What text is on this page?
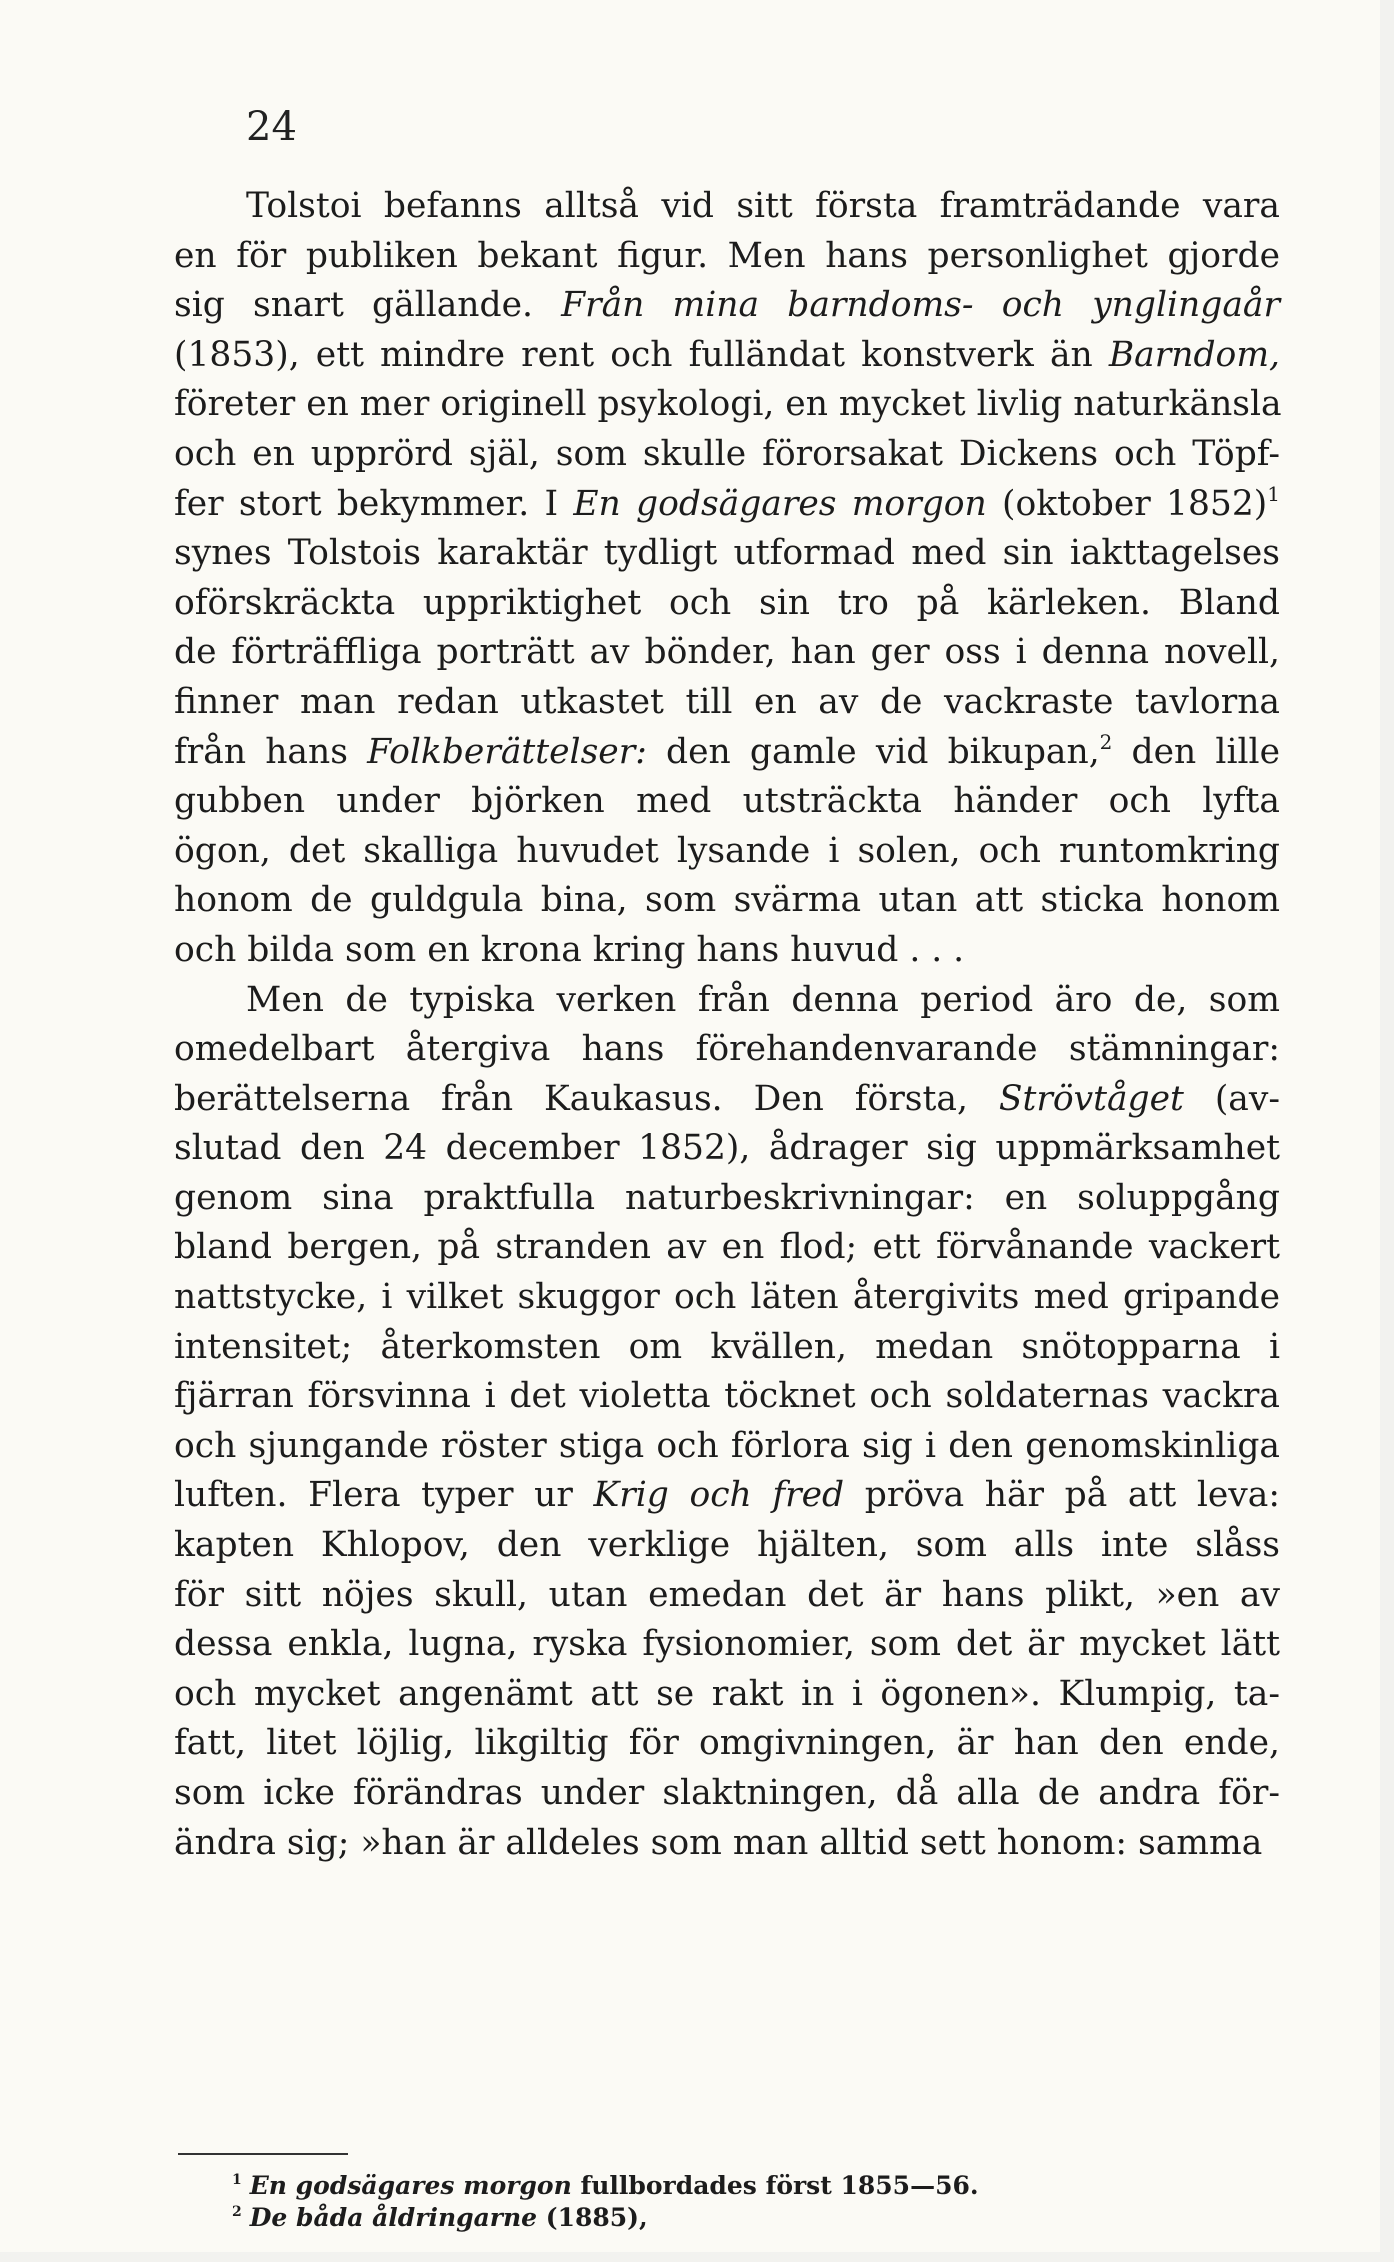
24
Tolstoi befanns alltså vid sitt första framträdande vara
en för publiken bekant figur. Men hans personlighet gjorde
sig snart gällande. Från mina barndoms- och ynglingaår
(1853), ett mindre rent och fulländat konstverk än Barndom,
företer en mer originell psykologi, en mycket livlig naturkänsla
och en upprörd själ, som skulle förorsakat Dickens och Töpf-
fer stort bekymmer. I En godsägares morgon (oktober 1852)$^1$
synes Tolstois karaktär tydligt utformad med sin iakttagelses
oförskräckta uppriktighet och sin tro på kärleken. Bland
de förträffliga porträtt av bönder, han ger oss i denna novell,
finner man redan utkastet till en av de vackraste tavlorna
från hans Folkberättelser: den gamle vid bikupan,$^2$ den lille
gubben under björken med utsträckta händer och lyfta
ögon, det skalliga huvudet lysande i solen, och runtomkring
honom de guldgula bina, som svärma utan att sticka honom
och bilda som en krona kring hans huvud . . .
Men de typiska verken från denna period äro de, som
omedelbart återgiva hans förehandenvarande stämningar:
berättelserna från Kaukasus. Den första, Strövtåget (av-
slutad den 24 december 1852), ådrager sig uppmärksamhet
genom sina praktfulla naturbeskrivningar: en soluppgång
bland bergen, på stranden av en flod; ett förvånande vackert
nattstycke, i vilket skuggor och läten återgivits med gripande
intensitet; återkomsten om kvällen, medan snötopparna i
fjärran försvinna i det violetta töcknet och soldaternas vackra
och sjungande röster stiga och förlora sig i den genomskinliga
luften. Flera typer ur Krig och fred pröva här på att leva:
kapten Khlopov, den verklige hjälten, som alls inte slåss
för sitt nöjes skull, utan emedan det är hans plikt, »en av
dessa enkla, lugna, ryska fysionomier, som det är mycket lätt
och mycket angenämt att se rakt in i ögonen». Klumpig, ta-
fatt, litet löjlig, likgiltig för omgivningen, är han den ende,
som icke förändras under slaktningen, då alla de andra för-
ändra sig; »han är alldeles som man alltid sett honom: samma
$^1$ En godsägares morgon fullbordades först 1855—56.
$^2$ De båda åldringarne (1885),
